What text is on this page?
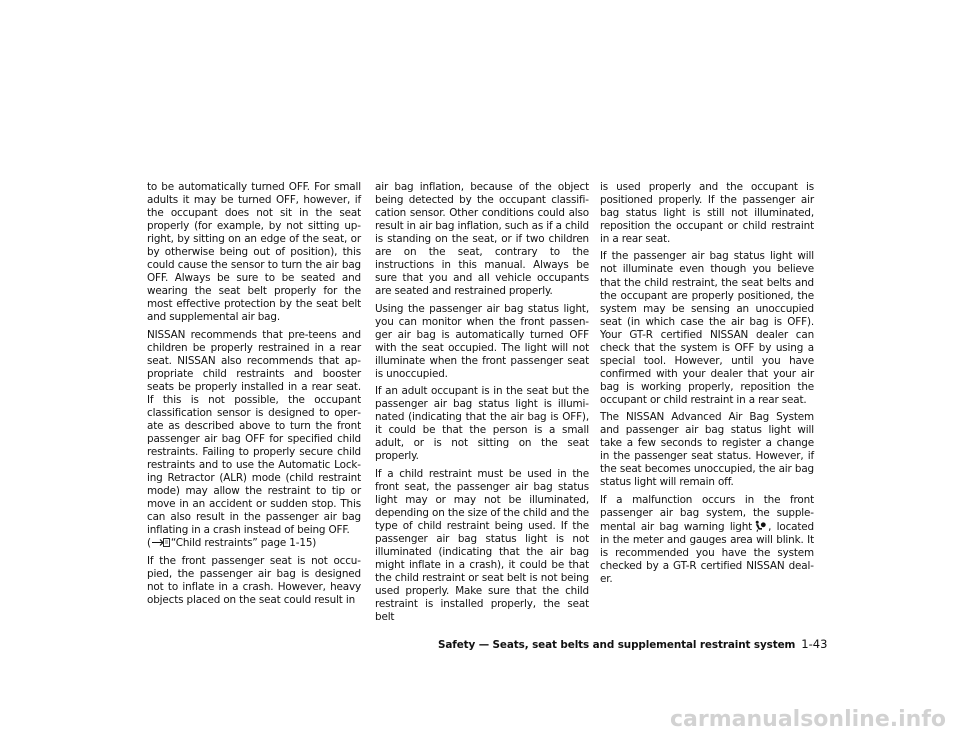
to be automatically turned OFF. For small adults it may be turned OFF, however, if the occupant does not sit in the seat properly (for example, by not sitting upright, by sitting on an edge of the seat, or by otherwise being out of position), this could cause the sensor to turn the air bag OFF. Always be sure to be seated and wearing the seat belt properly for the most effective protection by the seat belt and supplemental air bag.

NISSAN recommends that pre-teens and children be properly restrained in a rear seat. NISSAN also recommends that appropriate child restraints and booster seats be properly installed in a rear seat. If this is not possible, the occupant classification sensor is designed to operate as described above to turn the front passenger air bag OFF for specified child restraints. Failing to properly secure child restraints and to use the Automatic Locking Retractor (ALR) mode (child restraint mode) may allow the restraint to tip or move in an accident or sudden stop. This can also result in the passenger air bag inflating in a crash instead of being OFF.
( “Child restraints” page 1-15)

If the front passenger seat is not occupied, the passenger air bag is designed not to inflate in a crash. However, heavy objects placed on the seat could result in

air bag inflation, because of the object being detected by the occupant classification sensor. Other conditions could also result in air bag inflation, such as if a child is standing on the seat, or if two children are on the seat, contrary to the instructions in this manual. Always be sure that you and all vehicle occupants are seated and restrained properly.

Using the passenger air bag status light, you can monitor when the front passenger air bag is automatically turned OFF with the seat occupied. The light will not illuminate when the front passenger seat is unoccupied.

If an adult occupant is in the seat but the passenger air bag status light is illuminated (indicating that the air bag is OFF), it could be that the person is a small adult, or is not sitting on the seat properly.

If a child restraint must be used in the front seat, the passenger air bag status light may or may not be illuminated, depending on the size of the child and the type of child restraint being used. If the passenger air bag status light is not illuminated (indicating that the air bag might inflate in a crash), it could be that the child restraint or seat belt is not being used properly. Make sure that the child restraint is installed properly, the seat belt

is used properly and the occupant is positioned properly. If the passenger air bag status light is still not illuminated, reposition the occupant or child restraint in a rear seat.

If the passenger air bag status light will not illuminate even though you believe that the child restraint, the seat belts and the occupant are properly positioned, the system may be sensing an unoccupied seat (in which case the air bag is OFF). Your GT-R certified NISSAN dealer can check that the system is OFF by using a special tool. However, until you have confirmed with your dealer that your air bag is working properly, reposition the occupant or child restraint in a rear seat.

The NISSAN Advanced Air Bag System and passenger air bag status light will take a few seconds to register a change in the passenger seat status. However, if the seat becomes unoccupied, the air bag status light will remain off.

If a malfunction occurs in the front passenger air bag system, the supplemental air bag warning light , located in the meter and gauges area will blink. It is recommended you have the system checked by a GT-R certified NISSAN dealer.

Safety — Seats, seat belts and supplemental restraint system 1-43
carmanualsonline.info
